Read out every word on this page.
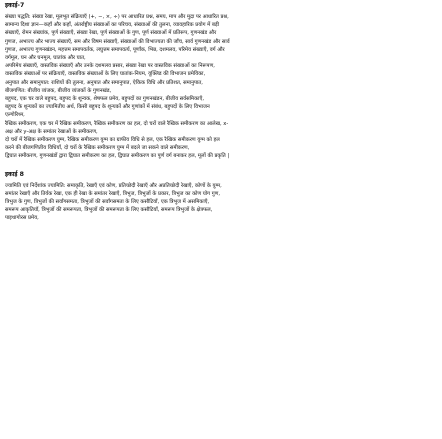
इकाई-7

संख्या पद्धति: संख्या रेखा, मूलभूत संक्रियाएँ (+, −, ×, ÷) पर आधारित प्रश्न, समय, माप और मुद्रा पर आधारित प्रश्न,

सामान्य दिशा ज्ञान—कहाँ और कहाँ, अंतर्राष्ट्रीय संख्याओं का परिचय, संख्याओं की तुलना, व्यावहारिक प्रयोग में बड़ी

संख्याएँ, रोमन संख्यांक, पूर्ण संख्याएँ, संख्या रेखा, पूर्ण संख्याओं के गुण, पूर्ण संख्याओं में प्रतिरूप, गुणनखंड और

गुणज, अभाज्य और भाज्य संख्याएँ, सम और विषम संख्याएँ, संख्याओं की विभाज्यता की जाँच, सार्व गुणनखंड और सार्व

गुणज, अभाज्य गुणनखंडन, महत्तम समापवर्तक, लघुत्तम समापवर्त्य, पूर्णांक, भिन्न, दशमलव, परिमेय संख्याएँ, वर्ग और

वर्गमूल, घन और घनमूल, घातांक और घात,

अपरिमेय संख्याएँ, वास्तविक संख्याएँ और उनके दशमलव प्रसार, संख्या रेखा पर वास्तविक संख्याओं का निरूपण,

वास्तविक संख्याओं पर संक्रियाएँ, वास्तविक संख्याओं के लिए घातांक-नियम, यूक्लिड की विभाजन प्रमेयिका,

अनुपात और समानुपात: राशियों की तुलना, अनुपात और समानुपात, ऐकिक विधि और प्रतिशत, समानुपात,

बीजगणित: बीजीय व्यंजक, बीजीय व्यंजकों के गुणनखंड,

बहुपद, एक चर वाले बहुपद, बहुपद के शून्यक, शेषफल प्रमेय, बहुपदों का गुणनखंडन, बीजीय सर्वसमिकाएँ,

बहुपद के शून्यकों का ज्यामितीय अर्थ, किसी बहुपद के शून्यकों और गुणांकों में संबंध, बहुपदों के लिए विभाजन

एल्गोरिथ्म,

रैखिक समीकरण, एक चर में रैखिक समीकरण, रैखिक समीकरण का हल, दो चरों वाले रैखिक समीकरण का आलेख, x-

अक्ष और y-अक्ष के समांतर रेखाओं के समीकरण,

दो चरों में रैखिक समीकरण युग्म, रैखिक समीकरण युग्म का ग्राफीय विधि से हल, एक रैखिक समीकरण युग्म को हल

करने की बीजगणितीय विधियाँ, दो चरों के रैखिक समीकरण युग्म में बदले जा सकने वाले समीकरण,

द्विघात समीकरण, गुणनखंडों द्वारा द्विघात समीकरण का हल, द्विघात समीकरण का पूर्ण वर्ग बनाकर हल, मूलों की प्रकृति |

इकाई 8

ज्यामिति एवं निर्देशांक ज्यामिति: समाकृति, रेखाएँ एवं कोण, प्रतिच्छेदी रेखाएँ और अप्रतिच्छेदी रेखाएँ, कोणों के युग्म,

समांतर रेखाएँ और तिर्यक रेखा, एक ही रेखा के समांतर रेखाएँ, त्रिभुज, त्रिभुजों के प्रकार, त्रिभुज का कोण योग गुण,

त्रिभुज के गुण, त्रिभुजों की सर्वांगसमता, त्रिभुजों की सर्वांगसमता के लिए कसौटियाँ, एक त्रिभुज में असमिकाएँ,

समरूप आकृतियाँ, त्रिभुजों की समरूपता, त्रिभुजों की समरूपता के लिए कसौटियाँ, समरूप त्रिभुजों के क्षेत्रफल,

पाइथागोरस प्रमेय,
